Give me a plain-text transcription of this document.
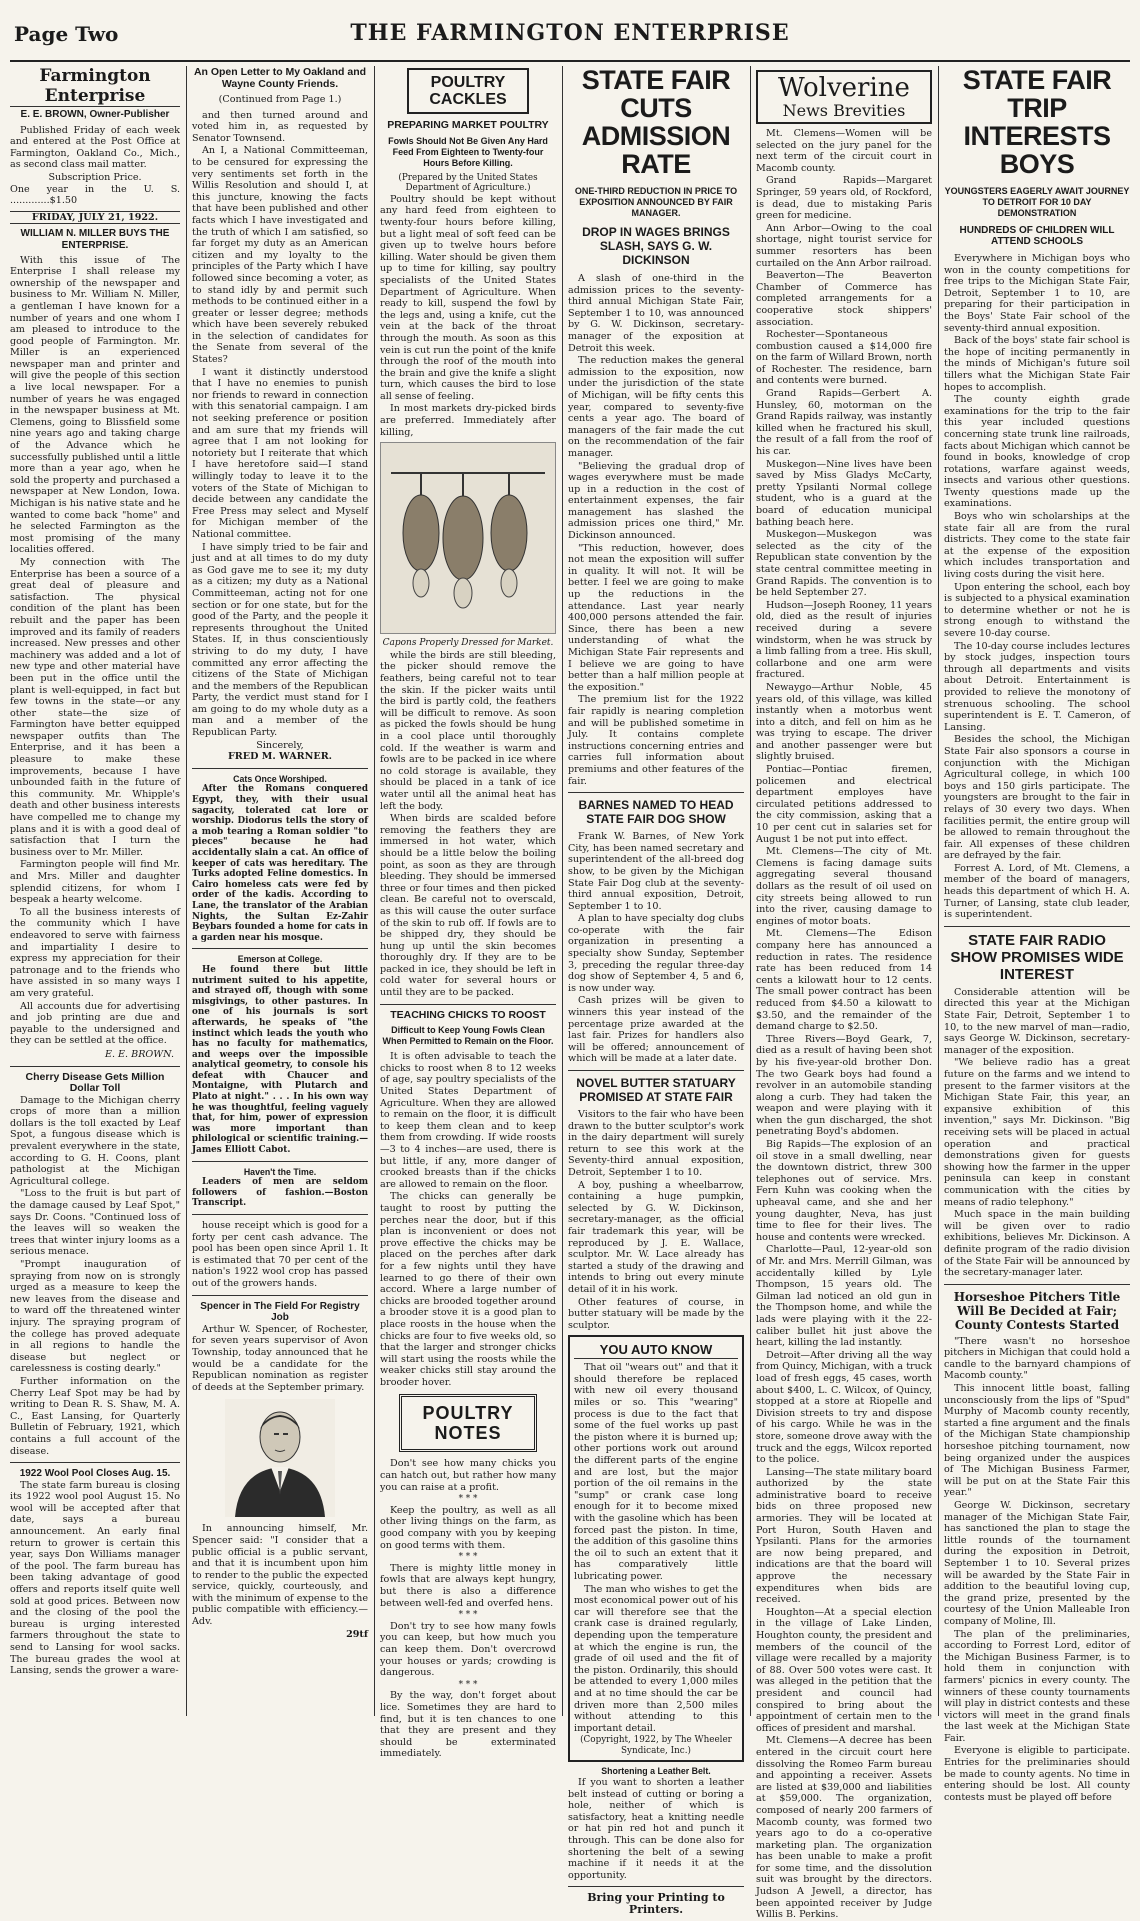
Page Two	THE FARMINGTON ENTERPRISE
Farmington Enterprise
E. E. BROWN, Owner-Publisher

Published Friday of each week and entered at the Post Office at Farmington, Oakland Co., Mich., as second class mail matter.

Subscription Price.
One year in the U. S. .............$1.50
FRIDAY, JULY 21, 1922.
WILLIAM N. MILLER BUYS THE ENTERPRISE.

With this issue of The Enterprise I shall release my ownership of the newspaper and business to Mr. William N. Miller, a gentleman I have known for a number of years and one whom I am pleased to introduce to the good people of Farmington. Mr. Miller is an experienced newspaper man and printer and will give the people of this section a live local newspaper. For a number of years he was engaged in the newspaper business at Mt. Clemens, going to Blissfield some nine years ago and taking charge of the Advance which he successfully published until a little more than a year ago, when he sold the property and purchased a newspaper at New London, Iowa. Michigan is his native state and he wanted to come back "home" and he selected Farmington as the most promising of the many localities offered.

My connection with The Enterprise has been a source of a great deal of pleasure and satisfaction. The physical condition of the plant has been rebuilt and the paper has been improved and its family of readers increased. New presses and other machinery was added and a lot of new type and other material have been put in the office until the plant is well-equipped, in fact but few towns in the state—or any other state—the size of Farmington have better equipped newspaper outfits than The Enterprise, and it has been a pleasure to make these improvements, because I have unbounded faith in the future of this community. Mr. Whipple's death and other business interests have compelled me to change my plans and it is with a good deal of satisfaction that I turn the business over to Mr. Miller.

Farmington people will find Mr. and Mrs. Miller and daughter splendid citizens, for whom I bespeak a hearty welcome.

To all the business interests of the community which I have endeavored to serve with fairness and impartiality I desire to express my appreciation for their patronage and to the friends who have assisted in so many ways I am very grateful.

All accounts due for advertising and job printing are due and payable to the undersigned and they can be settled at the office.

E. E. BROWN.
Cherry Disease Gets Million Dollar Toll

Damage to the Michigan cherry crops of more than a million dollars is the toll exacted by Leaf Spot, a fungous disease which is prevalent everywhere in the state, according to G. H. Coons, plant pathologist at the Michigan Agricultural college.

"Loss to the fruit is but part of the damage caused by Leaf Spot," says Dr. Coons. "Continued loss of the leaves will so weaken the trees that winter injury looms as a serious menace.

"Prompt inauguration of spraying from now on is strongly urged as a measure to keep the new leaves from the disease and to ward off the threatened winter injury. The spraying program of the college has proved adequate in all regions to handle the disease but neglect or carelessness is costing dearly."

Further information on the Cherry Leaf Spot may be had by writing to Dean R. S. Shaw, M. A. C., East Lansing, for Quarterly Bulletin of February, 1921, which contains a full account of the disease.

1922 Wool Pool Closes Aug. 15.

The state farm bureau is closing its 1922 wool pool August 15. No wool will be accepted after that date, says a bureau announcement. An early final return to grower is certain this year, says Don Williams manager of the pool. The farm bureau has been taking advantage of good offers and reports itself quite well sold at good prices. Between now and the closing of the pool the bureau is urging interested farmers throughout the state to send to Lansing for wool sacks. The bureau grades the wool at Lansing, sends the grower a ware-

An Open Letter to My Oakland and Wayne County Friends.
(Continued from Page 1.)

and then turned around and voted him in, as requested by Senator Townsend.

An I, a National Committeeman, to be censured for expressing the very sentiments set forth in the Willis Resolution and should I, at this juncture, knowing the facts that have been published and other facts which I have investigated and the truth of which I am satisfied, so far forget my duty as an American citizen and my loyalty to the principles of the Party which I have followed since becoming a voter, as to stand idly by and permit such methods to be continued either in a greater or lesser degree; methods which have been severely rebuked in the selection of candidates for the Senate from several of the States?

I want it distinctly understood that I have no enemies to punish nor friends to reward in connection with this senatorial campaign. I am not seeking preference or position and am sure that my friends will agree that I am not looking for notoriety but I reiterate that which I have heretofore said—I stand willingly today to leave it to the voters of the State of Michigan to decide between any candidate the Free Press may select and Myself for Michigan member of the National committee.

I have simply tried to be fair and just and at all times to do my duty as God gave me to see it; my duty as a citizen; my duty as a National Committeeman, acting not for one section or for one state, but for the good of the Party, and the people it represents throughout the United States. If, in thus conscientiously striving to do my duty, I have committed any error affecting the citizens of the State of Michigan and the members of the Republican Party, the verdict must stand for I am going to do my whole duty as a man and a member of the Republican Party.

Sincerely,
FRED M. WARNER.
Cats Once Worshiped.

After the Romans conquered Egypt, they, with their usual sagacity, tolerated cat lore or worship. Diodorus tells the story of a mob tearing a Roman soldier "to pieces" because he had accidentally slain a cat. An office of keeper of cats was hereditary. The Turks adopted Feline domestics. In Cairo homeless cats were fed by order of the kadis. According to Lane, the translator of the Arabian Nights, the Sultan Ez-Zahir Beybars founded a home for cats in a garden near his mosque.

Emerson at College.

He found there but little nutriment suited to his appetite, and strayed off, though with some misgivings, to other pastures. In one of his journals is sort afterwards, he speaks of "the instinct which leads the youth who has no faculty for mathematics, and weeps over the impossible analytical geometry, to console his defeat with Chaucer and Montaigne, with Plutarch and Plato at night." . . . In his own way he was thoughtful, feeling vaguely that, for him, power of expression was more important than philological or scientific training.—James Elliott Cabot.

Haven't the Time.

Leaders of men are seldom followers of fashion.—Boston Transcript.

house receipt which is good for a forty per cent cash advance. The pool has been open since April 1. It is estimated that 70 per cent of the nation's 1922 wool crop has passed out of the growers hands.

Spencer in The Field For Registry Job

Arthur W. Spencer, of Rochester, for seven years supervisor of Avon Township, today announced that he would be a candidate for the Republican nomination as register of deeds at the September primary.

In announcing himself, Mr. Spencer said: "I consider that a public official is a public servant, and that it is incumbent upon him to render to the public the expected service, quickly, courteously, and with the minimum of expense to the public compatible with efficiency.—Adv.

29tf
POULTRY CACKLES
PREPARING MARKET POULTRY
Fowls Should Not Be Given Any Hard Feed From Eighteen to Twenty-four Hours Before Killing.
(Prepared by the United States Department of Agriculture.)

Poultry should be kept without any hard feed from eighteen to twenty-four hours before killing, but a light meal of soft feed can be given up to twelve hours before killing. Water should be given them up to time for killing, say poultry specialists of the United States Department of Agriculture. When ready to kill, suspend the fowl by the legs and, using a knife, cut the vein at the back of the throat through the mouth. As soon as this vein is cut run the point of the knife through the roof of the mouth into the brain and give the knife a slight turn, which causes the bird to lose all sense of feeling.

In most markets dry-picked birds are preferred. Immediately after killing,

Capons Properly Dressed for Market.

while the birds are still bleeding, the picker should remove the feathers, being careful not to tear the skin. If the picker waits until the bird is partly cold, the feathers will be difficult to remove. As soon as picked the fowls should be hung in a cool place until thoroughly cold. If the weather is warm and fowls are to be packed in ice where no cold storage is available, they should be placed in a tank of ice water until all the animal heat has left the body.

When birds are scalded before removing the feathers they are immersed in hot water, which should be a little below the boiling point, as soon as they are through bleeding. They should be immersed three or four times and then picked clean. Be careful not to overscald, as this will cause the outer surface of the skin to rub off. If fowls are to be shipped dry, they should be hung up until the skin becomes thoroughly dry. If they are to be packed in ice, they should be left in cold water for several hours or until they are to be packed.

TEACHING CHICKS TO ROOST
Difficult to Keep Young Fowls Clean When Permitted to Remain on the Floor.

It is often advisable to teach the chicks to roost when 8 to 12 weeks of age, say poultry specialists of the United States Department of Agriculture. When they are allowed to remain on the floor, it is difficult to keep them clean and to keep them from crowding. If wide roosts—3 to 4 inches—are used, there is but little, if any, more danger of crooked breasts than if the chicks are allowed to remain on the floor.

The chicks can generally be taught to roost by putting the perches near the door, but if this plan is inconvenient or does not prove effective the chicks may be placed on the perches after dark for a few nights until they have learned to go there of their own accord. Where a large number of chicks are brooded together around a brooder stove it is a good plan to place roosts in the house when the chicks are four to five weeks old, so that the larger and stronger chicks will start using the roosts while the weaker chicks still stay around the brooder hover.

POULTRY NOTES

Don't see how many chicks you can hatch out, but rather how many you can raise at a profit.

* * *

Keep the poultry, as well as all other living things on the farm, as good company with you by keeping on good terms with them.

* * *

There is mighty little money in fowls that are always kept hungry, but there is also a difference between well-fed and overfed hens.

* * *

Don't try to see how many fowls you can keep, but how much you can keep them. Don't overcrowd your houses or yards; crowding is dangerous.

* * *

By the way, don't forget about lice. Sometimes they are hard to find, but it is ten chances to one that they are present and they should be exterminated immediately.

STATE FAIR CUTS ADMISSION RATE
ONE-THIRD REDUCTION IN PRICE TO EXPOSITION ANNOUNCED BY FAIR MANAGER.
DROP IN WAGES BRINGS SLASH, SAYS G. W. DICKINSON

A slash of one-third in the admission prices to the seventy-third annual Michigan State Fair, September 1 to 10, was announced by G. W. Dickinson, secretary-manager of the exposition at Detroit this week.

The reduction makes the general admission to the exposition, now under the jurisdiction of the state of Michigan, will be fifty cents this year, compared to seventy-five cents a year ago. The board of managers of the fair made the cut on the recommendation of the fair manager.

"Believing the gradual drop of wages everywhere must be made up in a reduction in the cost of entertainment expenses, the fair management has slashed the admission prices one third," Mr. Dickinson announced.

"This reduction, however, does not mean the exposition will suffer in quality. It will not. It will be better. I feel we are going to make up the reductions in the attendance. Last year nearly 400,000 persons attended the fair. Since, there has been a new understanding of what the Michigan State Fair represents and I believe we are going to have better than a half million people at the exposition."

The premium list for the 1922 fair rapidly is nearing completion and will be published sometime in July. It contains complete instructions concerning entries and carries full information about premiums and other features of the fair.

BARNES NAMED TO HEAD STATE FAIR DOG SHOW

Frank W. Barnes, of New York City, has been named secretary and superintendent of the all-breed dog show, to be given by the Michigan State Fair Dog club at the seventy-third annual exposition, Detroit, September 1 to 10.

A plan to have specialty dog clubs co-operate with the fair organization in presenting a specialty show Sunday, September 3, preceding the regular three-day dog show of September 4, 5 and 6, is now under way.

Cash prizes will be given to winners this year instead of the percentage prize awarded at the last fair. Prizes for handlers also will be offered; announcement of which will be made at a later date.

NOVEL BUTTER STATUARY PROMISED AT STATE FAIR

Visitors to the fair who have been drawn to the butter sculptor's work in the dairy department will surely return to see this work at the Seventy-third annual exposition, Detroit, September 1 to 10.

A boy, pushing a wheelbarrow, containing a huge pumpkin, selected by G. W. Dickinson, secretary-manager, as the official fair trademark this year, will be reproduced by J. E. Wallace, sculptor. Mr. W. Lace already has started a study of the drawing and intends to bring out every minute detail of it in his work.

Other features of course, in butter statuary will be made by the sculptor.

YOU AUTO KNOW

That oil "wears out" and that it should therefore be replaced with new oil every thousand miles or so. This "wearing" process is due to the fact that some of the fuel works up past the piston where it is burned up; other portions work out around the different parts of the engine and are lost, but the major portion of the oil remains in the "sump" or crank case long enough for it to become mixed with the gasoline which has been forced past the piston. In time, the addition of this gasoline thins the oil to such an extent that it has comparatively little lubricating power.

The man who wishes to get the most economical power out of his car will therefore see that the crank case is drained regularly, depending upon the temperature at which the engine is run, the grade of oil used and the fit of the piston. Ordinarily, this should be attended to every 1,000 miles and at no time should the car be driven more than 2,500 miles without attending to this important detail.

(Copyright, 1922, by The Wheeler Syndicate, Inc.)
Shortening a Leather Belt.

If you want to shorten a leather belt instead of cutting or boring a hole, neither of which is satisfactory, heat a knitting needle or hat pin red hot and punch it through. This can be done also for shortening the belt of a sewing machine if it needs it at the opportunity.

Bring your Printing to Printers.
Wolverine
News Brevities

Mt. Clemens—Women will be selected on the jury panel for the next term of the circuit court in Macomb county.

Grand Rapids—Margaret Springer, 59 years old, of Rockford, is dead, due to mistaking Paris green for medicine.

Ann Arbor—Owing to the coal shortage, night tourist service for summer resorters has been curtailed on the Ann Arbor railroad.

Beaverton—The Beaverton Chamber of Commerce has completed arrangements for a cooperative stock shippers' association.

Rochester—Spontaneous combustion caused a $14,000 fire on the farm of Willard Brown, north of Rochester. The residence, barn and contents were burned.

Grand Rapids—Gerbert A. Hunsley, 60, motorman on the Grand Rapids railway, was instantly killed when he fractured his skull, the result of a fall from the roof of his car.

Muskegon—Nine lives have been saved by Miss Gladys McCarty, pretty Ypsilanti Normal college student, who is a guard at the board of education municipal bathing beach here.

Muskegon—Muskegon was selected as the city of the Republican state convention by the state central committee meeting in Grand Rapids. The convention is to be held September 27.

Hudson—Joseph Rooney, 11 years old, died as the result of injuries received during a severe windstorm, when he was struck by a limb falling from a tree. His skull, collarbone and one arm were fractured.

Newaygo—Arthur Noble, 45 years old, of this village, was killed instantly when a motorbus went into a ditch, and fell on him as he was trying to escape. The driver and another passenger were but slightly bruised.

Pontiac—Pontiac firemen, policemen and electrical department employes have circulated petitions addressed to the city commission, asking that a 10 per cent cut in salaries set for August 1 be not put into effect.

Mt. Clemens—The city of Mt. Clemens is facing damage suits aggregating several thousand dollars as the result of oil used on city streets being allowed to run into the river, causing damage to engines of motor boats.

Mt. Clemens—The Edison company here has announced a reduction in rates. The residence rate has been reduced from 14 cents a kilowatt hour to 12 cents. The small power contract has been reduced from $4.50 a kilowatt to $3.50, and the remainder of the demand charge to $2.50.

Three Rivers—Boyd Geark, 7, died as a result of having been shot by his five-year-old brother Don. The two Geark boys had found a revolver in an automobile standing along a curb. They had taken the weapon and were playing with it when the gun discharged, the shot penetrating Boyd's abdomen.

Big Rapids—The explosion of an oil stove in a small dwelling, near the downtown district, threw 300 telephones out of service. Mrs. Fern Kuhn was cooking when the upheaval came, and she and her young daughter, Neva, has just time to flee for their lives. The house and contents were wrecked.

Charlotte—Paul, 12-year-old son of Mr. and Mrs. Merrill Gilman, was accidentally killed by Lyle Thompson, 15 years old. The Gilman lad noticed an old gun in the Thompson home, and while the lads were playing with it the 22-caliber bullet hit just above the heart, killing the lad instantly.

Detroit—After driving all the way from Quincy, Michigan, with a truck load of fresh eggs, 45 cases, worth about $400, L. C. Wilcox, of Quincy, stopped at a store at Riopelle and Division streets to try and dispose of his cargo. While he was in the store, someone drove away with the truck and the eggs, Wilcox reported to the police.

Lansing—The state military board authorized by the state administrative board to receive bids on three proposed new armories. They will be located at Port Huron, South Haven and Ypsilanti. Plans for the armories are now being prepared, and indications are that the board will approve the necessary expenditures when bids are received.

Houghton—At a special election in the village of Lake Linden, Houghton county, the president and members of the council of the village were recalled by a majority of 88. Over 500 votes were cast. It was alleged in the petition that the president and council had conspired to bring about the appointment of certain men to the offices of president and marshal.

Mt. Clemens—A decree has been entered in the circuit court here dissolving the Romeo Farm bureau and appointing a receiver. Assets are listed at $39,000 and liabilities at $59,000. The organization, composed of nearly 200 farmers of Macomb county, was formed two years ago to do a co-operative marketing plan. The organization has been unable to make a profit for some time, and the dissolution suit was brought by the directors. Judson A Jewell, a director, has been appointed receiver by Judge Willis B. Perkins.

STATE FAIR TRIP INTERESTS BOYS
YOUNGSTERS EAGERLY AWAIT JOURNEY TO DETROIT FOR 10 DAY DEMONSTRATION
HUNDREDS OF CHILDREN WILL ATTEND SCHOOLS

Everywhere in Michigan boys who won in the county competitions for free trips to the Michigan State Fair, Detroit, September 1 to 10, are preparing for their participation in the Boys' State Fair school of the seventy-third annual exposition.

Back of the boys' state fair school is the hope of inciting permanently in the minds of Michigan's future soil tillers what the Michigan State Fair hopes to accomplish.

The county eighth grade examinations for the trip to the fair this year included questions concerning state trunk line railroads, facts about Michigan which cannot be found in books, knowledge of crop rotations, warfare against weeds, insects and various other questions. Twenty questions made up the examinations.

Boys who win scholarships at the state fair all are from the rural districts. They come to the state fair at the expense of the exposition which includes transportation and living costs during the visit here.

Upon entering the school, each boy is subjected to a physical examination to determine whether or not he is strong enough to withstand the severe 10-day course.

The 10-day course includes lectures by stock judges, inspection tours through all departments and visits about Detroit. Entertainment is provided to relieve the monotony of strenuous schooling. The school superintendent is E. T. Cameron, of Lansing.

Besides the school, the Michigan State Fair also sponsors a course in conjunction with the Michigan Agricultural college, in which 100 boys and 150 girls participate. The youngsters are brought to the fair in relays of 30 every two days. When facilities permit, the entire group will be allowed to remain throughout the fair. All expenses of these children are defrayed by the fair.

Forrest A. Lord, of Mt. Clemens, a member of the board of managers, heads this department of which H. A. Turner, of Lansing, state club leader, is superintendent.

STATE FAIR RADIO SHOW PROMISES WIDE INTEREST

Considerable attention will be directed this year at the Michigan State Fair, Detroit, September 1 to 10, to the new marvel of man—radio, says George W. Dickinson, secretary-manager of the exposition.

"We believe radio has a great future on the farms and we intend to present to the farmer visitors at the Michigan State Fair, this year, an expansive exhibition of this invention," says Mr. Dickinson. "Big receiving sets will be placed in actual operation and practical demonstrations given for guests showing how the farmer in the upper peninsula can keep in constant communication with the cities by means of radio telephony."

Much space in the main building will be given over to radio exhibitions, believes Mr. Dickinson. A definite program of the radio division of the State Fair will be announced by the secretary-manager later.

Horseshoe Pitchers Title Will Be Decided at Fair; County Contests Started

"There wasn't no horseshoe pitchers in Michigan that could hold a candle to the barnyard champions of Macomb county."

This innocent little boast, falling unconsciously from the lips of "Spud" Murphy of Macomb county recently, started a fine argument and the finals of the Michigan State championship horseshoe pitching tournament, now being organized under the auspices of The Michigan Business Farmer, will be put on at the State Fair this year."

George W. Dickinson, secretary manager of the Michigan State Fair, has sanctioned the plan to stage the little rounds of the tournament during the exposition in Detroit, September 1 to 10. Several prizes will be awarded by the State Fair in addition to the beautiful loving cup, the grand prize, presented by the courtesy of the Union Malleable Iron company of Moline, Ill.

The plan of the preliminaries, according to Forrest Lord, editor of the Michigan Business Farmer, is to hold them in conjunction with farmers' picnics in every county. The winners of these county tournaments will play in district contests and these victors will meet in the grand finals the last week at the Michigan State Fair.

Everyone is eligible to participate. Entries for the preliminaries should be made to county agents. No time in entering should be lost. All county contests must be played off before
